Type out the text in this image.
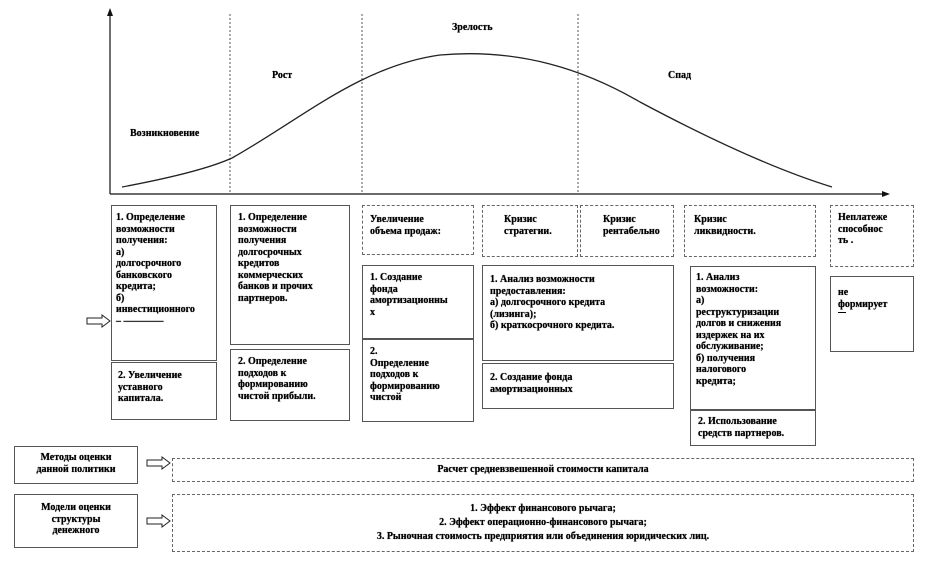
Возникновение
Рост
Зрелость
Спад
1. Определение
возможности
получения:
а)
долгосрочного
банковского
кредита;
б)
инвестиционного
– ––––––––
2. Увеличение
уставного
капитала.
1. Определение
возможности
получения
долгосрочных
кредитов
коммерческих
банков и прочих
партнеров.
2. Определение
подходов к
формированию
чистой прибыли.
Увеличение
объема продаж:
1. Создание
фонда
амортизационны
х
2.
Определение
подходов к
формированию
чистой
Кризис
стратегии.
Кризис
рентабельно
1. Анализ возможности
предоставления:
а) долгосрочного кредита
(лизинга);
б) краткосрочного кредита.
2. Создание фонда
амортизационных
Кризис
ликвидности.
1. Анализ
возможности:
а)
реструктуризации
долгов и снижения
издержек на их
обслуживание;
б) получения
налогового
кредита;
2. Использование
средств партнеров.
Неплатеже
способнос
ть .
не
формирует
Методы оценки
данной политики	Расчет средневзвешенной стоимости капитала
Модели оценки
структуры
денежного
1. Эффект финансового рычага;
2. Эффект операционно-финансового рычага;
3. Рыночная стоимость предприятия или объединения юридических лиц.
